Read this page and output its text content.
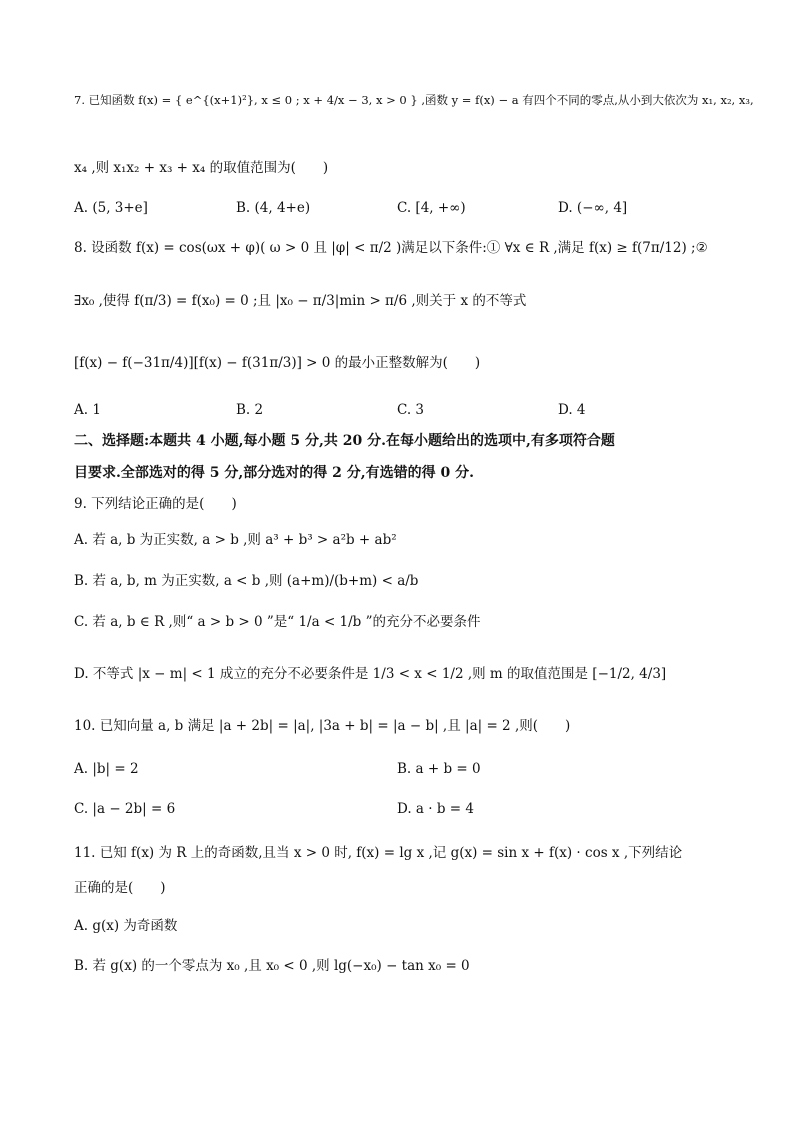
7. 已知函数 f(x) = { e^{(x+1)²}, x ≤ 0 ; x + 4/x − 3, x > 0 } ,函数 y = f(x) − a 有四个不同的零点,从小到大依次为 x₁, x₂, x₃,
x₄ ,则 x₁x₂ + x₃ + x₄ 的取值范围为(　　)
A. (5, 3+e]	B. (4, 4+e)	C. [4, +∞)	D. (−∞, 4]
8. 设函数 f(x) = cos(ωx + φ)( ω > 0 且 |φ| < π/2 )满足以下条件:① ∀x ∈ R ,满足 f(x) ≥ f(7π/12) ;②
∃x₀ ,使得 f(π/3) = f(x₀) = 0 ;且 |x₀ − π/3|min > π/6 ,则关于 x 的不等式
[f(x) − f(−31π/4)][f(x) − f(31π/3)] > 0 的最小正整数解为(　　)
A. 1	B. 2	C. 3	D. 4
二、选择题:本题共 4 小题,每小题 5 分,共 20 分.在每小题给出的选项中,有多项符合题
目要求.全部选对的得 5 分,部分选对的得 2 分,有选错的得 0 分.
9. 下列结论正确的是(　　)
A. 若 a, b 为正实数, a > b ,则 a³ + b³ > a²b + ab²
B. 若 a, b, m 为正实数, a < b ,则 (a+m)/(b+m) < a/b
C. 若 a, b ∈ R ,则“ a > b > 0 ”是“ 1/a < 1/b ”的充分不必要条件
D. 不等式 |x − m| < 1 成立的充分不必要条件是 1/3 < x < 1/2 ,则 m 的取值范围是 [−1/2, 4/3]
10. 已知向量 a, b 满足 |a + 2b| = |a|, |3a + b| = |a − b| ,且 |a| = 2 ,则(　　)
A. |b| = 2	B. a + b = 0
C. |a − 2b| = 6	D. a · b = 4
11. 已知 f(x) 为 R 上的奇函数,且当 x > 0 时, f(x) = lg x ,记 g(x) = sin x + f(x) · cos x ,下列结论
正确的是(　　)
A. g(x) 为奇函数
B. 若 g(x) 的一个零点为 x₀ ,且 x₀ < 0 ,则 lg(−x₀) − tan x₀ = 0
